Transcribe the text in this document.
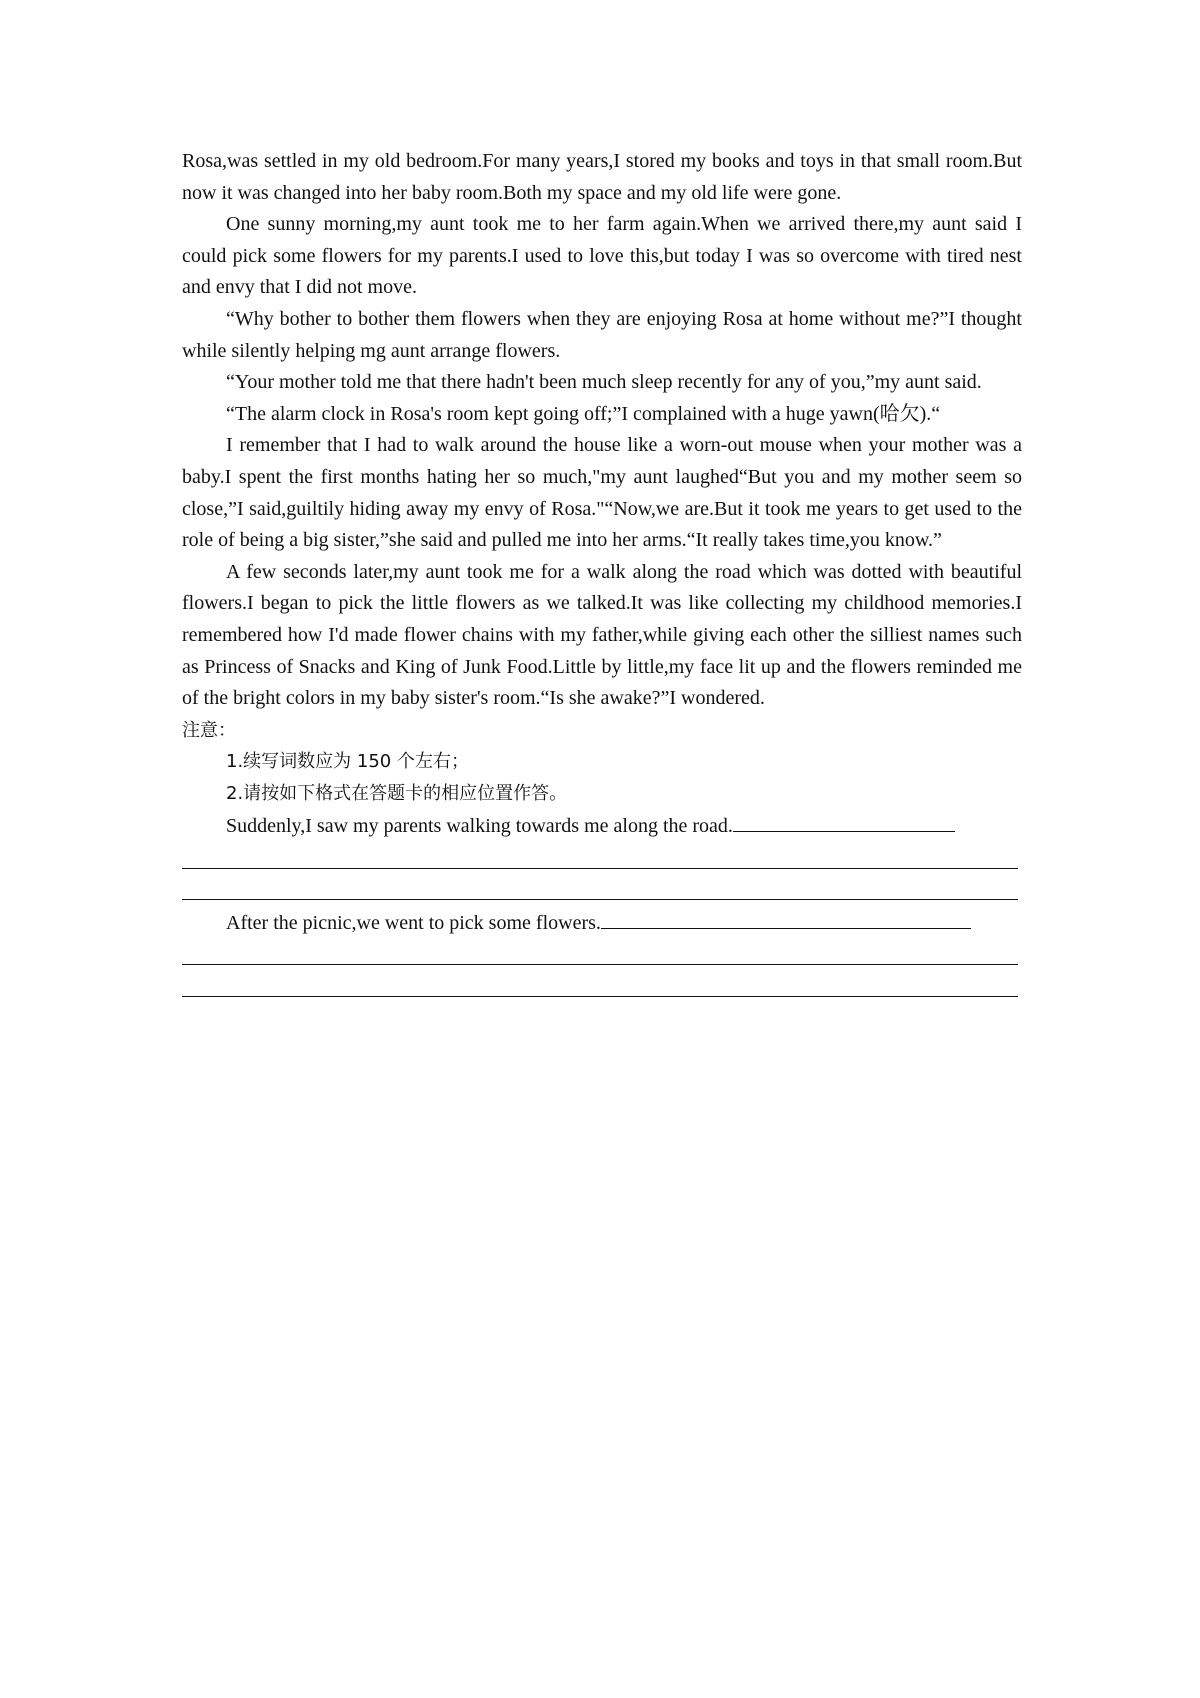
Rosa,was settled in my old bedroom.For many years,I stored my books and toys in that small room.But now it was changed into her baby room.Both my space and my old life were gone.

One sunny morning,my aunt took me to her farm again.When we arrived there,my aunt said I could pick some flowers for my parents.I used to love this,but today I was so overcome with tired nest and envy that I did not move.

“Why bother to bother them flowers when they are enjoying Rosa at home without me?”I thought while silently helping mg aunt arrange flowers.

“Your mother told me that there hadn't been much sleep recently for any of you,”my aunt said.

“The alarm clock in Rosa's room kept going off;”I complained with a huge yawn(哈欠).“

I remember that I had to walk around the house like a worn-out mouse when your mother was a baby.I spent the first months hating her so much,"my aunt laughed“But you and my mother seem so close,”I said,guiltily hiding away my envy of Rosa."“Now,we are.But it took me years to get used to the role of being a big sister,”she said and pulled me into her arms.“It really takes time,you know.”

A few seconds later,my aunt took me for a walk along the road which was dotted with beautiful flowers.I began to pick the little flowers as we talked.It was like collecting my childhood memories.I remembered how I'd made flower chains with my father,while giving each other the silliest names such as Princess of Snacks and King of Junk Food.Little by little,my face lit up and the flowers reminded me of the bright colors in my baby sister's room.“Is she awake?”I wondered.

注意：

1.续写词数应为 150 个左右；

2.请按如下格式在答题卡的相应位置作答。

Suddenly,I saw my parents walking towards me along the road.

After the picnic,we went to pick some flowers.
